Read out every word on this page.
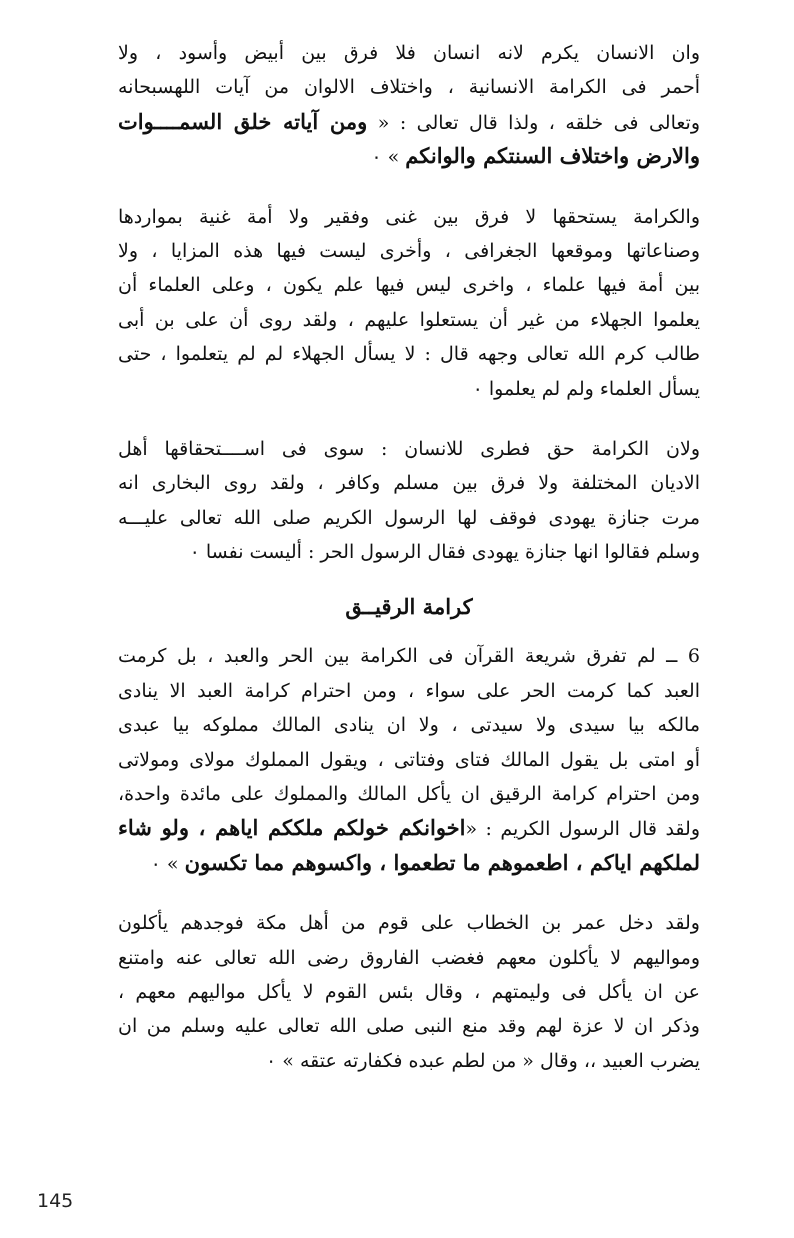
وان الانسان يكرم لانه انسان فلا فرق بين أبيض وأسود ، ولا
أحمر فى الكرامة الانسانية ، واختلاف الالوان من آيات اللهسبحانه
وتعالى فى خلقه ، ولذا قال تعالى : « ومن آياته خلق السمــــوات
والارض واختلاف السنتكم والوانكم » ٠
والكرامة يستحقها لا فرق بين غنى وفقير ولا أمة غنية بمواردها
وصناعاتها وموقعها الجغرافى ، وأخرى ليست فيها هذه المزايا ، ولا
بين أمة فيها علماء ، واخرى ليس فيها علم يكون ، وعلى العلماء أن
يعلموا الجهلاء من غير أن يستعلوا عليهم ، ولقد روى أن على بن أبى
طالب كرم الله تعالى وجهه قال : لا يسأل الجهلاء لم لم يتعلموا ، حتى
يسأل العلماء ولم لم يعلموا ٠
ولان الكرامة حق فطرى للانسان : سوى فى اســــتحقاقها أهل
الاديان المختلفة ولا فرق بين مسلم وكافر ، ولقد روى البخارى انه
مرت جنازة يهودى فوقف لها الرسول الكريم صلى الله تعالى عليـــه
وسلم فقالوا انها جنازة يهودى فقال الرسول الحر : أليست نفسا ٠
كرامة الرقيــق
6 ــ لم تفرق شريعة القرآن فى الكرامة بين الحر والعبد ، بل كرمت
العبد كما كرمت الحر على سواء ، ومن احترام كرامة العبد الا ينادى
مالكه بيا سيدى ولا سيدتى ، ولا ان ينادى المالك مملوكه بيا عبدى
أو امتى بل يقول المالك فتاى وفتاتى ، ويقول المملوك مولاى ومولاتى
ومن احترام كرامة الرقيق ان يأكل المالك والمملوك على مائدة واحدة،
ولقد قال الرسول الكريم : «اخوانكم خولكم ملككم اياهم ، ولو شاء
لملكهم اياكم ، اطعموهم ما تطعموا ، واكسوهم مما تكسون » ٠
ولقد دخل عمر بن الخطاب على قوم من أهل مكة فوجدهم يأكلون
ومواليهم لا يأكلون معهم فغضب الفاروق رضى الله تعالى عنه وامتنع
عن ان يأكل فى وليمتهم ، وقال بئس القوم لا يأكل مواليهم معهم ،
وذكر ان لا عزة لهم وقد منع النبى صلى الله تعالى عليه وسلم من ان
يضرب العبيد ،، وقال « من لطم عبده فكفارته عتقه » ٠
145
